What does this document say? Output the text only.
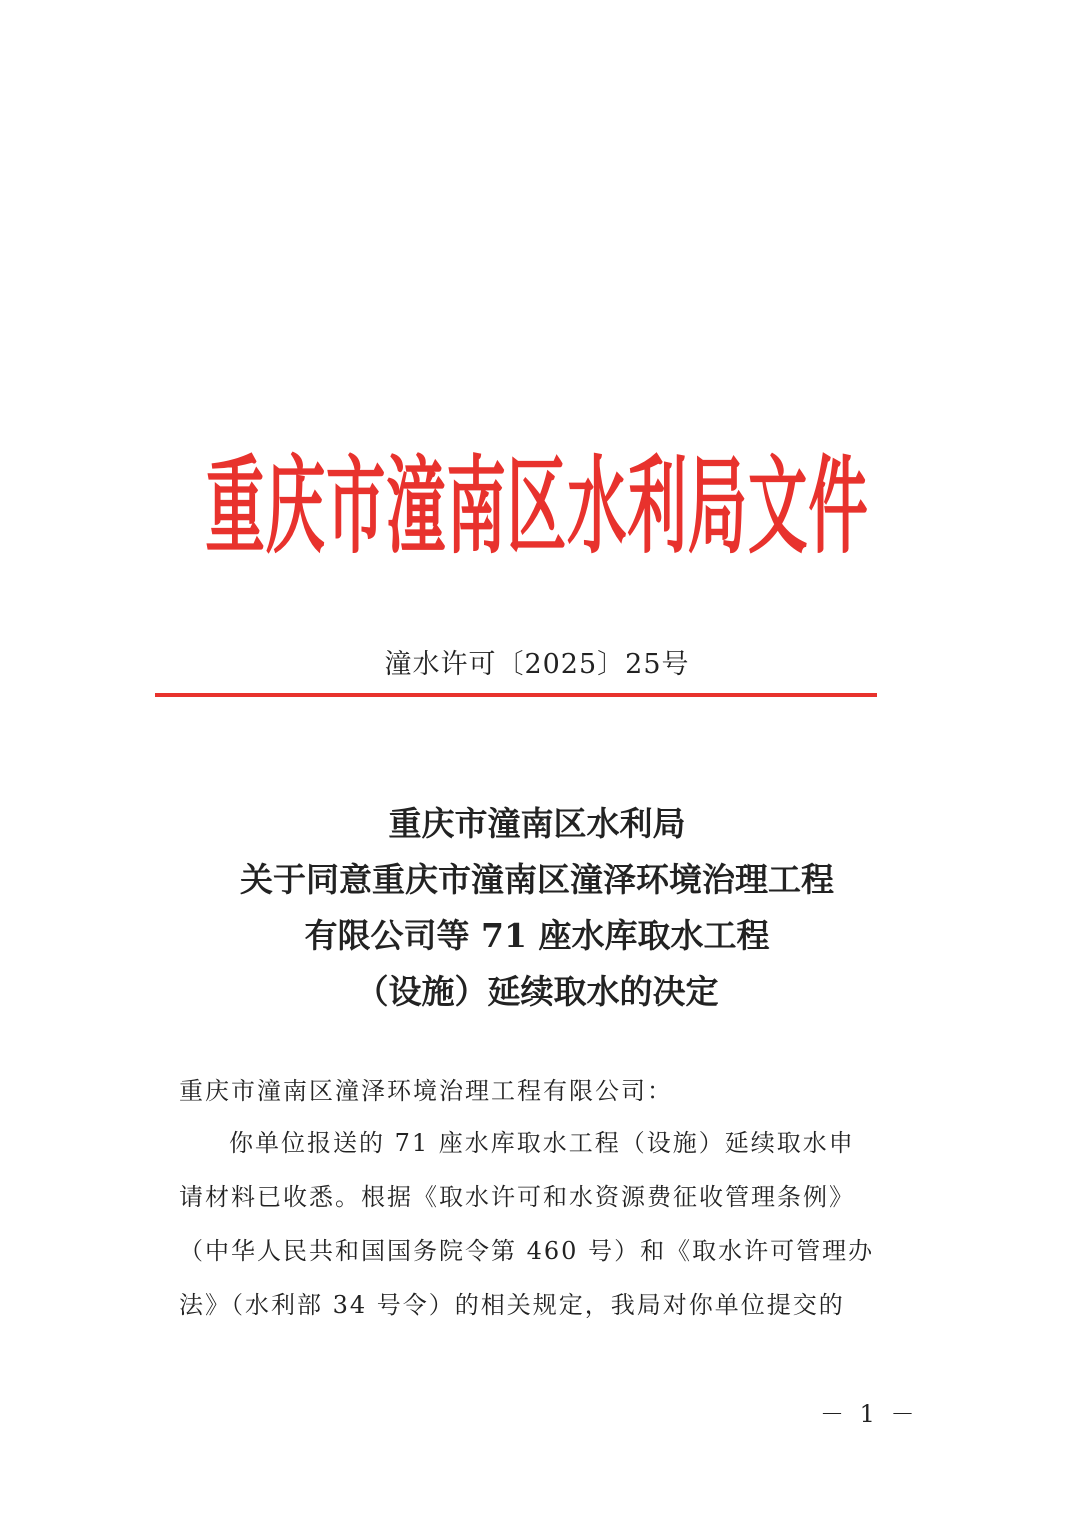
重庆市潼南区水利局文件
潼水许可〔2025〕25号
重庆市潼南区水利局
关于同意重庆市潼南区潼泽环境治理工程
有限公司等 71 座水库取水工程
（设施）延续取水的决定
重庆市潼南区潼泽环境治理工程有限公司：
你单位报送的 71 座水库取水工程（设施）延续取水申
请材料已收悉。根据《取水许可和水资源费征收管理条例》
（中华人民共和国国务院令第 460 号）和《取水许可管理办
法》（水利部 34 号令）的相关规定，我局对你单位提交的
－ 1 －
